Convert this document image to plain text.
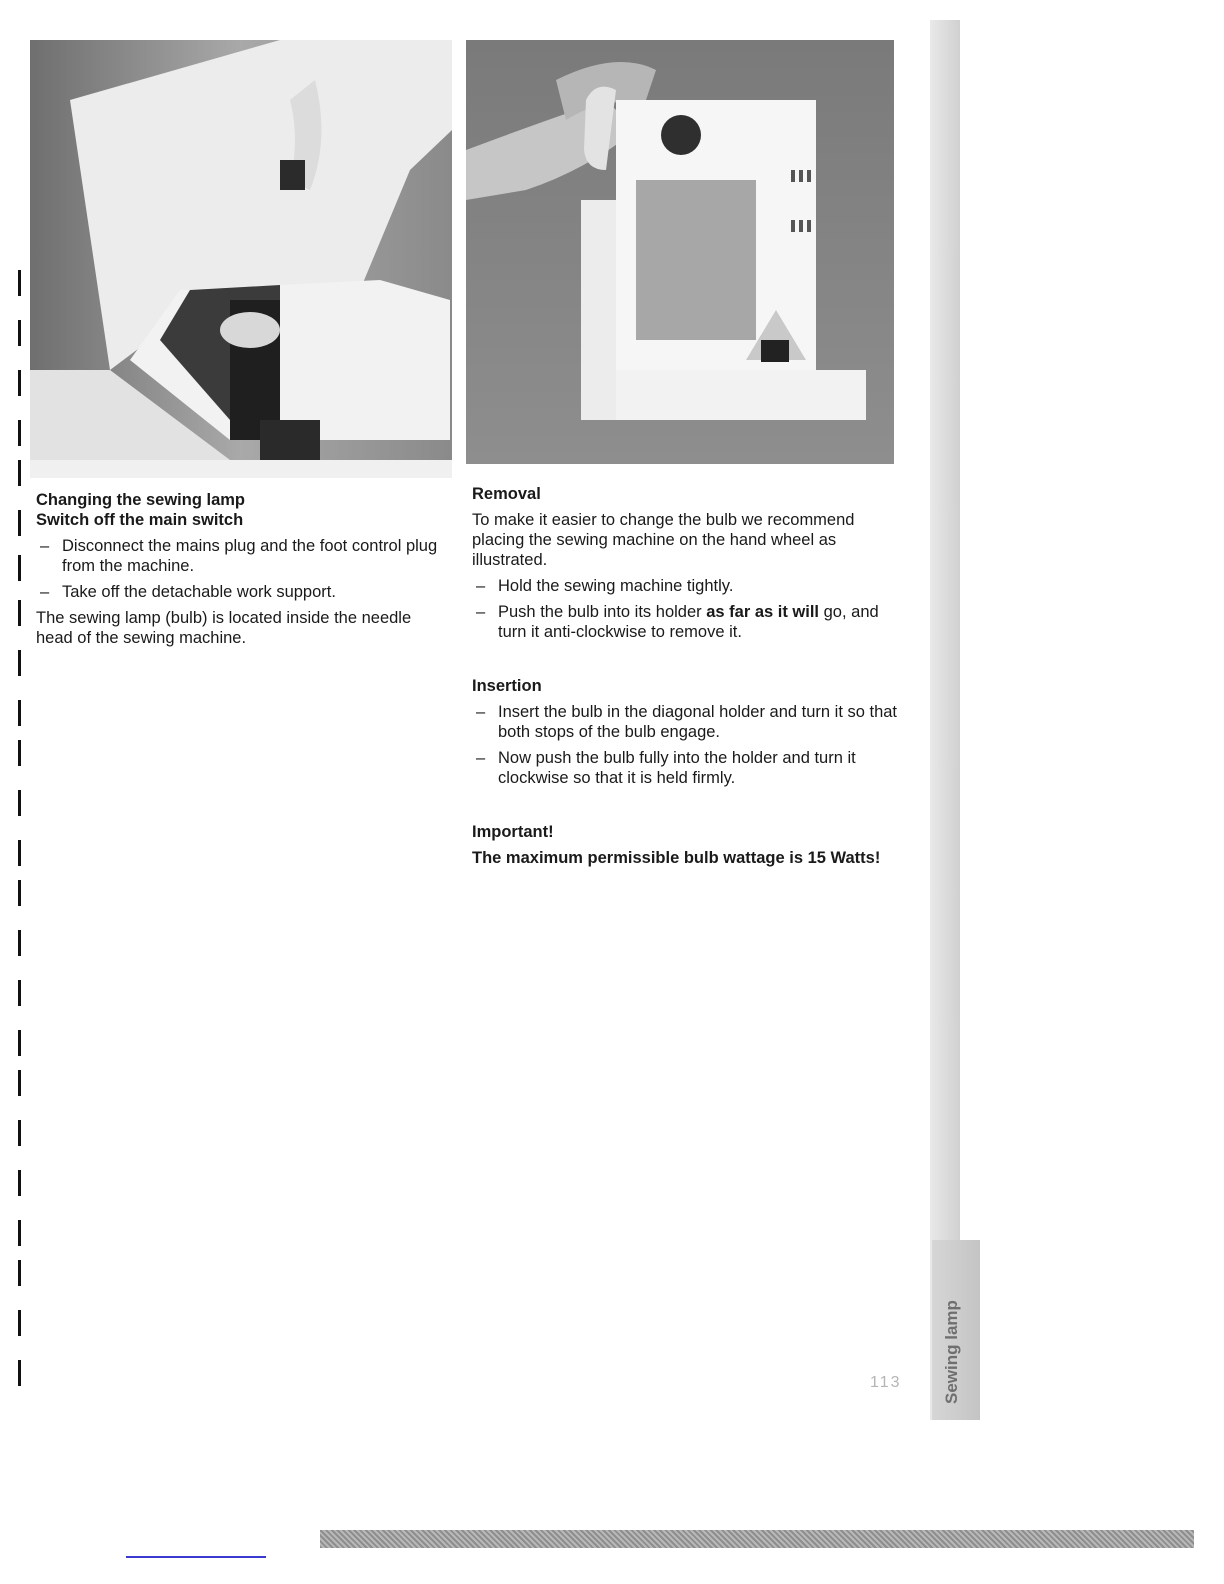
Changing the sewing lamp

Switch off the main switch

– Disconnect the mains plug and the foot control plug from the machine.
– Take off the detachable work support.

The sewing lamp (bulb) is located inside the needle head of the sewing machine.

Removal

To make it easier to change the bulb we recommend placing the sewing machine on the hand wheel as illustrated.

– Hold the sewing machine tightly.
– Push the bulb into its holder as far as it will go, and turn it anti-clockwise to remove it.

Insertion

– Insert the bulb in the diagonal holder and turn it so that both stops of the bulb engage.
– Now push the bulb fully into the holder and turn it clockwise so that it is held firmly.

Important!

The maximum permissible bulb wattage is 15 Watts!

Sewing lamp
113
